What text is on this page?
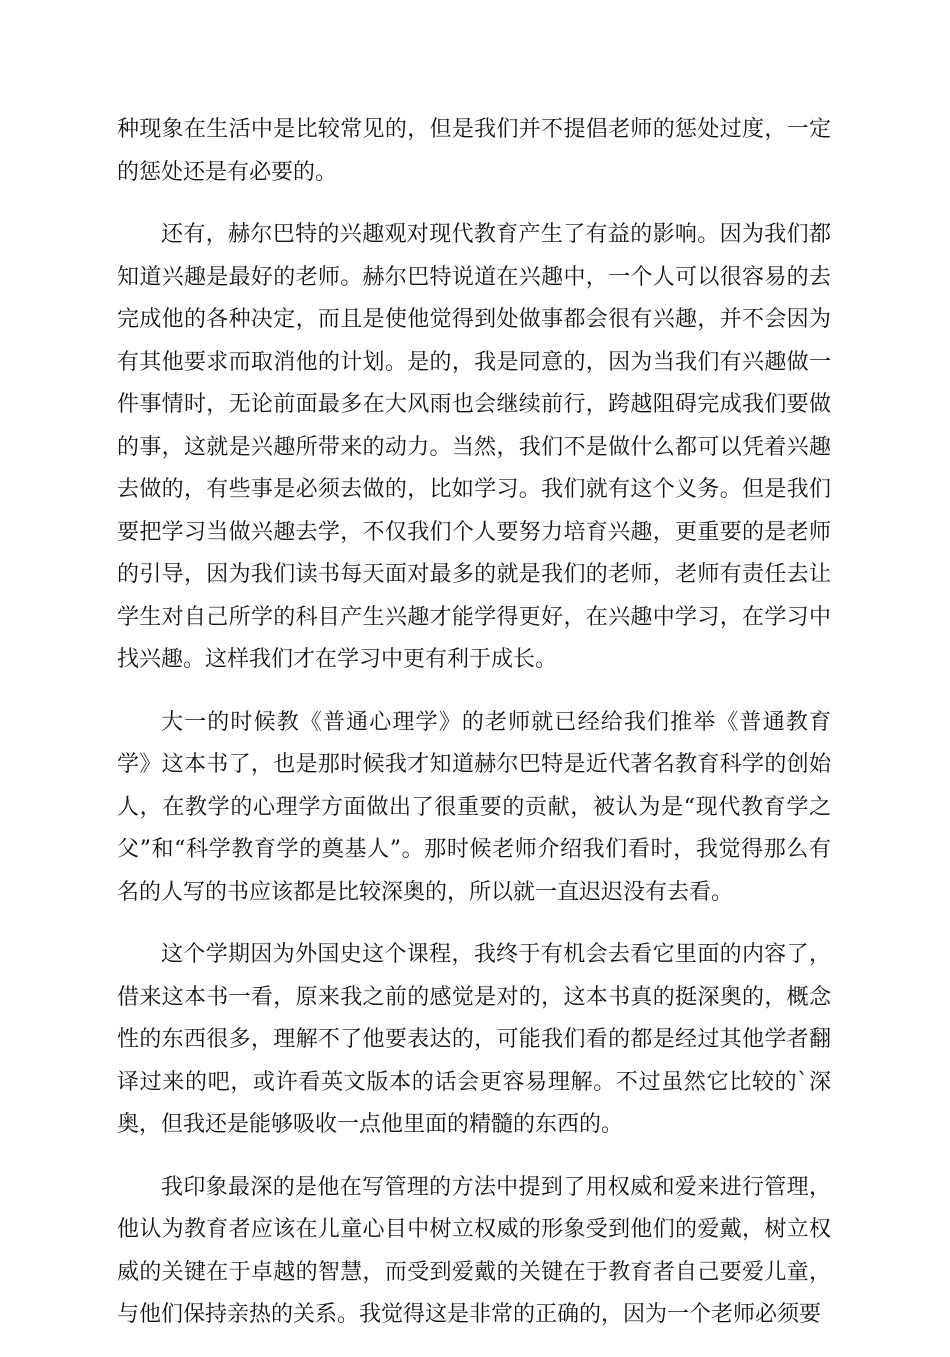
种现象在生活中是比较常见的，但是我们并不提倡老师的惩处过度，一定的惩处还是有必要的。

还有，赫尔巴特的兴趣观对现代教育产生了有益的影响。因为我们都知道兴趣是最好的老师。赫尔巴特说道在兴趣中，一个人可以很容易的去完成他的各种决定，而且是使他觉得到处做事都会很有兴趣，并不会因为有其他要求而取消他的计划。是的，我是同意的，因为当我们有兴趣做一件事情时，无论前面最多在大风雨也会继续前行，跨越阻碍完成我们要做的事，这就是兴趣所带来的动力。当然，我们不是做什么都可以凭着兴趣去做的，有些事是必须去做的，比如学习。我们就有这个义务。但是我们要把学习当做兴趣去学，不仅我们个人要努力培育兴趣，更重要的是老师的引导，因为我们读书每天面对最多的就是我们的老师，老师有责任去让学生对自己所学的科目产生兴趣才能学得更好，在兴趣中学习，在学习中找兴趣。这样我们才在学习中更有利于成长。

大一的时候教《普通心理学》的老师就已经给我们推举《普通教育学》这本书了，也是那时候我才知道赫尔巴特是近代著名教育科学的创始人，在教学的心理学方面做出了很重要的贡献，被认为是“现代教育学之父”和“科学教育学的奠基人”。那时候老师介绍我们看时，我觉得那么有名的人写的书应该都是比较深奥的，所以就一直迟迟没有去看。

这个学期因为外国史这个课程，我终于有机会去看它里面的内容了，借来这本书一看，原来我之前的感觉是对的，这本书真的挺深奥的，概念性的东西很多，理解不了他要表达的，可能我们看的都是经过其他学者翻译过来的吧，或许看英文版本的话会更容易理解。不过虽然它比较的`深奥，但我还是能够吸收一点他里面的精髓的东西的。

我印象最深的是他在写管理的方法中提到了用权威和爱来进行管理，他认为教育者应该在儿童心目中树立权威的形象受到他们的爱戴，树立权威的关键在于卓越的智慧，而受到爱戴的关键在于教育者自己要爱儿童，与他们保持亲热的关系。我觉得这是非常的正确的，因为一个老师必须要
